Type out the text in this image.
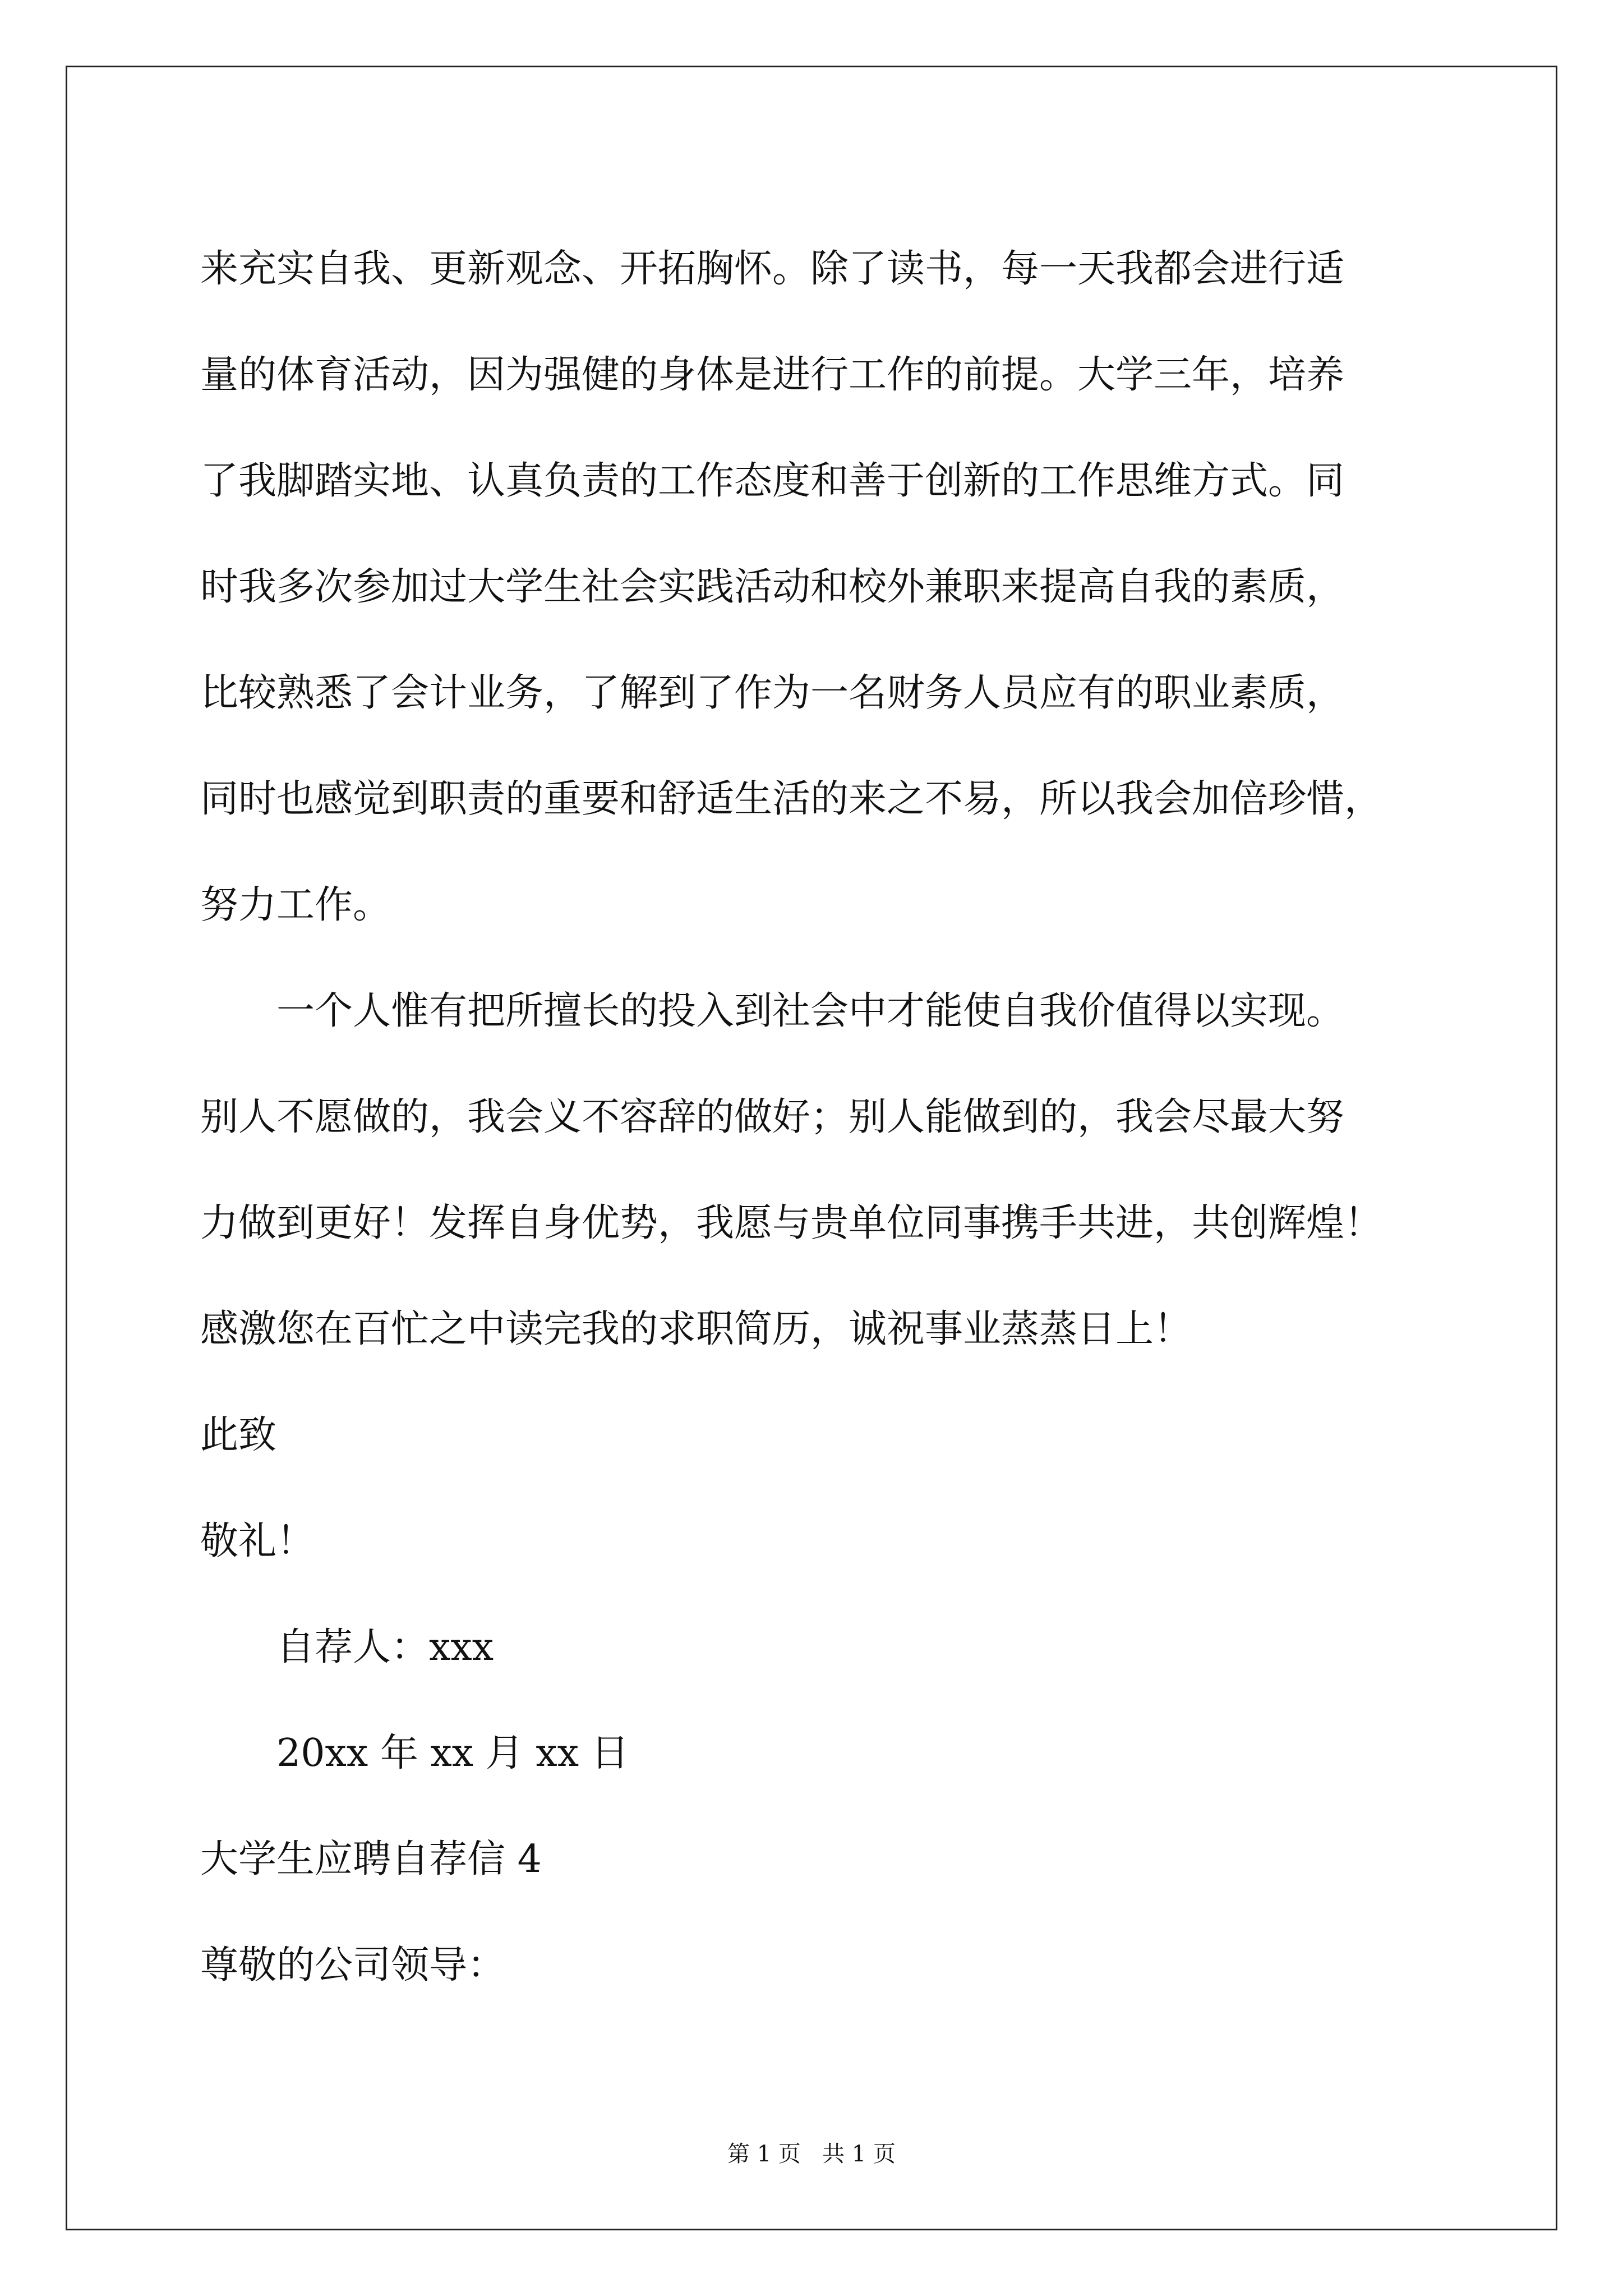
来充实自我、更新观念、开拓胸怀。除了读书，每一天我都会进行适
量的体育活动，因为强健的身体是进行工作的前提。大学三年，培养
了我脚踏实地、认真负责的工作态度和善于创新的工作思维方式。同
时我多次参加过大学生社会实践活动和校外兼职来提高自我的素质，
比较熟悉了会计业务，了解到了作为一名财务人员应有的职业素质，
同时也感觉到职责的重要和舒适生活的来之不易，所以我会加倍珍惜，
努力工作。
一个人惟有把所擅长的投入到社会中才能使自我价值得以实现。
别人不愿做的，我会义不容辞的做好；别人能做到的，我会尽最大努
力做到更好！发挥自身优势，我愿与贵单位同事携手共进，共创辉煌！
感激您在百忙之中读完我的求职简历，诚祝事业蒸蒸日上！
此致
敬礼！
自荐人：xxx
20xx 年 xx 月 xx 日
大学生应聘自荐信 4
尊敬的公司领导：
第 1 页   共 1 页
